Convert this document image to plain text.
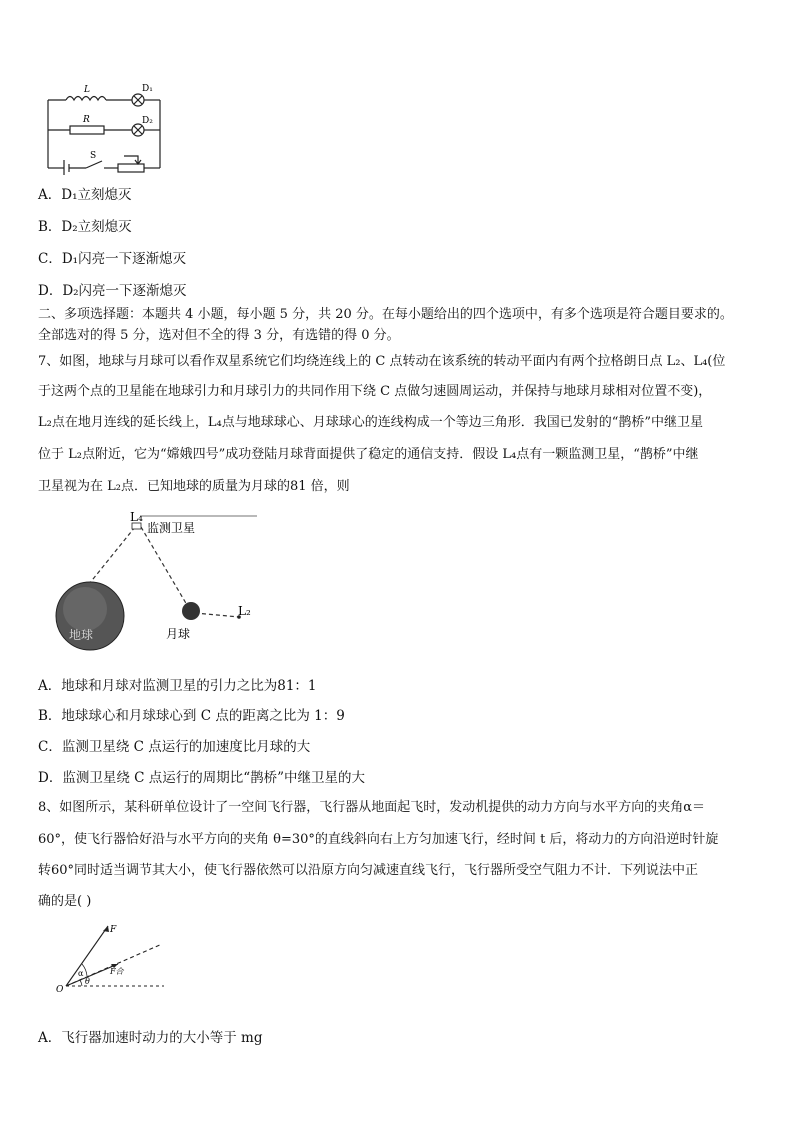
L
R
D₁
D₂
S
A．D₁立刻熄灭
B．D₂立刻熄灭
C．D₁闪亮一下逐渐熄灭
D．D₂闪亮一下逐渐熄灭
二、多项选择题：本题共 4 小题，每小题 5 分，共 20 分。在每小题给出的四个选项中，有多个选项是符合题目要求的。
全部选对的得 5 分，选对但不全的得 3 分，有选错的得 0 分。
7、如图，地球与月球可以看作双星系统它们均绕连线上的 C 点转动在该系统的转动平面内有两个拉格朗日点 L₂、L₄(位
于这两个点的卫星能在地球引力和月球引力的共同作用下绕 C 点做匀速圆周运动，并保持与地球月球相对位置不变)，
L₂点在地月连线的延长线上，L₄点与地球球心、月球球心的连线构成一个等边三角形．我国已发射的“鹊桥”中继卫星
位于 L₂点附近，它为“嫦娥四号”成功登陆月球背面提供了稳定的通信支持．假设 L₄点有一颗监测卫星，“鹊桥”中继
卫星视为在 L₂点．已知地球的质量为月球的81 倍，则
L₄
监测卫星
地球	月球
L₂
A．地球和月球对监测卫星的引力之比为81：1
B．地球球心和月球球心到 C 点的距离之比为 1：9
C．监测卫星绕 C 点运行的加速度比月球的大
D．监测卫星绕 C 点运行的周期比“鹊桥”中继卫星的大
8、如图所示，某科研单位设计了一空间飞行器，飞行器从地面起飞时，发动机提供的动力方向与水平方向的夹角α＝
60°，使飞行器恰好沿与水平方向的夹角 θ=30°的直线斜向右上方匀加速飞行，经时间 t 后，将动力的方向沿逆时针旋
转60°同时适当调节其大小，使飞行器依然可以沿原方向匀减速直线飞行，飞行器所受空气阻力不计．下列说法中正
确的是( )
F
α
θ
O
F合
A．飞行器加速时动力的大小等于 mg
